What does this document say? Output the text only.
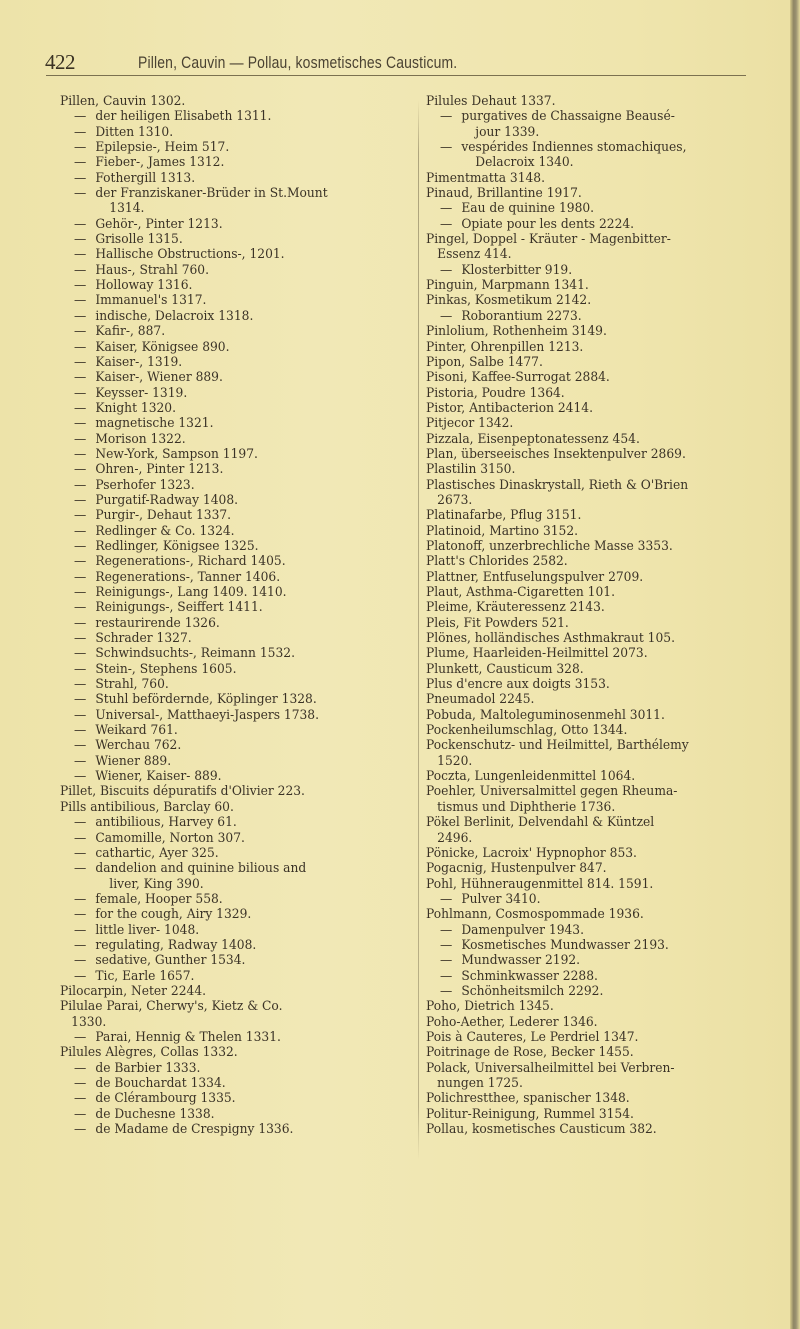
422	Pillen, Cauvin — Pollau, kosmetisches Causticum.
Pillen, Cauvin 1302.
— der heiligen Elisabeth 1311.
— Ditten 1310.
— Epilepsie-, Heim 517.
— Fieber-, James 1312.
— Fothergill 1313.
— der Franziskaner-Brüder in St.Mount
1314.
— Gehör-, Pinter 1213.
— Grisolle 1315.
— Hallische Obstructions-, 1201.
— Haus-, Strahl 760.
— Holloway 1316.
— Immanuel's 1317.
— indische, Delacroix 1318.
— Kafir-, 887.
— Kaiser, Königsee 890.
— Kaiser-, 1319.
— Kaiser-, Wiener 889.
— Keysser- 1319.
— Knight 1320.
— magnetische 1321.
— Morison 1322.
— New-York, Sampson 1197.
— Ohren-, Pinter 1213.
— Pserhofer 1323.
— Purgatif-Radway 1408.
— Purgir-, Dehaut 1337.
— Redlinger & Co. 1324.
— Redlinger, Königsee 1325.
— Regenerations-, Richard 1405.
— Regenerations-, Tanner 1406.
— Reinigungs-, Lang 1409. 1410.
— Reinigungs-, Seiffert 1411.
— restaurirende 1326.
— Schrader 1327.
— Schwindsuchts-, Reimann 1532.
— Stein-, Stephens 1605.
— Strahl, 760.
— Stuhl befördernde, Köplinger 1328.
— Universal-, Matthaeyi-Jaspers 1738.
— Weikard 761.
— Werchau 762.
— Wiener 889.
— Wiener, Kaiser- 889.
Pillet, Biscuits dépuratifs d'Olivier 223.
Pills antibilious, Barclay 60.
— antibilious, Harvey 61.
— Camomille, Norton 307.
— cathartic, Ayer 325.
— dandelion and quinine bilious and
liver, King 390.
— female, Hooper 558.
— for the cough, Airy 1329.
— little liver- 1048.
— regulating, Radway 1408.
— sedative, Gunther 1534.
— Tic, Earle 1657.
Pilocarpin, Neter 2244.
Pilulae Parai, Cherwy's, Kietz & Co.
1330.
— Parai, Hennig & Thelen 1331.
Pilules Alègres, Collas 1332.
— de Barbier 1333.
— de Bouchardat 1334.
— de Clérambourg 1335.
— de Duchesne 1338.
— de Madame de Crespigny 1336.
Pilules Dehaut 1337.
— purgatives de Chassaigne Beausé-
jour 1339.
— vespérides Indiennes stomachiques,
Delacroix 1340.
Pimentmatta 3148.
Pinaud, Brillantine 1917.
— Eau de quinine 1980.
— Opiate pour les dents 2224.
Pingel, Doppel - Kräuter - Magenbitter-
Essenz 414.
— Klosterbitter 919.
Pinguin, Marpmann 1341.
Pinkas, Kosmetikum 2142.
— Roborantium 2273.
Pinlolium, Rothenheim 3149.
Pinter, Ohrenpillen 1213.
Pipon, Salbe 1477.
Pisoni, Kaffee-Surrogat 2884.
Pistoria, Poudre 1364.
Pistor, Antibacterion 2414.
Pitjecor 1342.
Pizzala, Eisenpeptonatessenz 454.
Plan, überseeisches Insektenpulver 2869.
Plastilin 3150.
Plastisches Dinaskrystall, Rieth & O'Brien
2673.
Platinafarbe, Pflug 3151.
Platinoid, Martino 3152.
Platonoff, unzerbrechliche Masse 3353.
Platt's Chlorides 2582.
Plattner, Entfuselungspulver 2709.
Plaut, Asthma-Cigaretten 101.
Pleime, Kräuteressenz 2143.
Pleis, Fit Powders 521.
Plönes, holländisches Asthmakraut 105.
Plume, Haarleiden-Heilmittel 2073.
Plunkett, Causticum 328.
Plus d'encre aux doigts 3153.
Pneumadol 2245.
Pobuda, Maltoleguminosenmehl 3011.
Pockenheilumschlag, Otto 1344.
Pockenschutz- und Heilmittel, Barthélemy
1520.
Poczta, Lungenleidenmittel 1064.
Poehler, Universalmittel gegen Rheuma-
tismus und Diphtherie 1736.
Pökel Berlinit, Delvendahl & Küntzel
2496.
Pönicke, Lacroix' Hypnophor 853.
Pogacnig, Hustenpulver 847.
Pohl, Hühneraugenmittel 814. 1591.
— Pulver 3410.
Pohlmann, Cosmospommade 1936.
— Damenpulver 1943.
— Kosmetisches Mundwasser 2193.
— Mundwasser 2192.
— Schminkwasser 2288.
— Schönheitsmilch 2292.
Poho, Dietrich 1345.
Poho-Aether, Lederer 1346.
Pois à Cauteres, Le Perdriel 1347.
Poitrinage de Rose, Becker 1455.
Polack, Universalheilmittel bei Verbren-
nungen 1725.
Polichrestthee, spanischer 1348.
Politur-Reinigung, Rummel 3154.
Pollau, kosmetisches Causticum 382.
